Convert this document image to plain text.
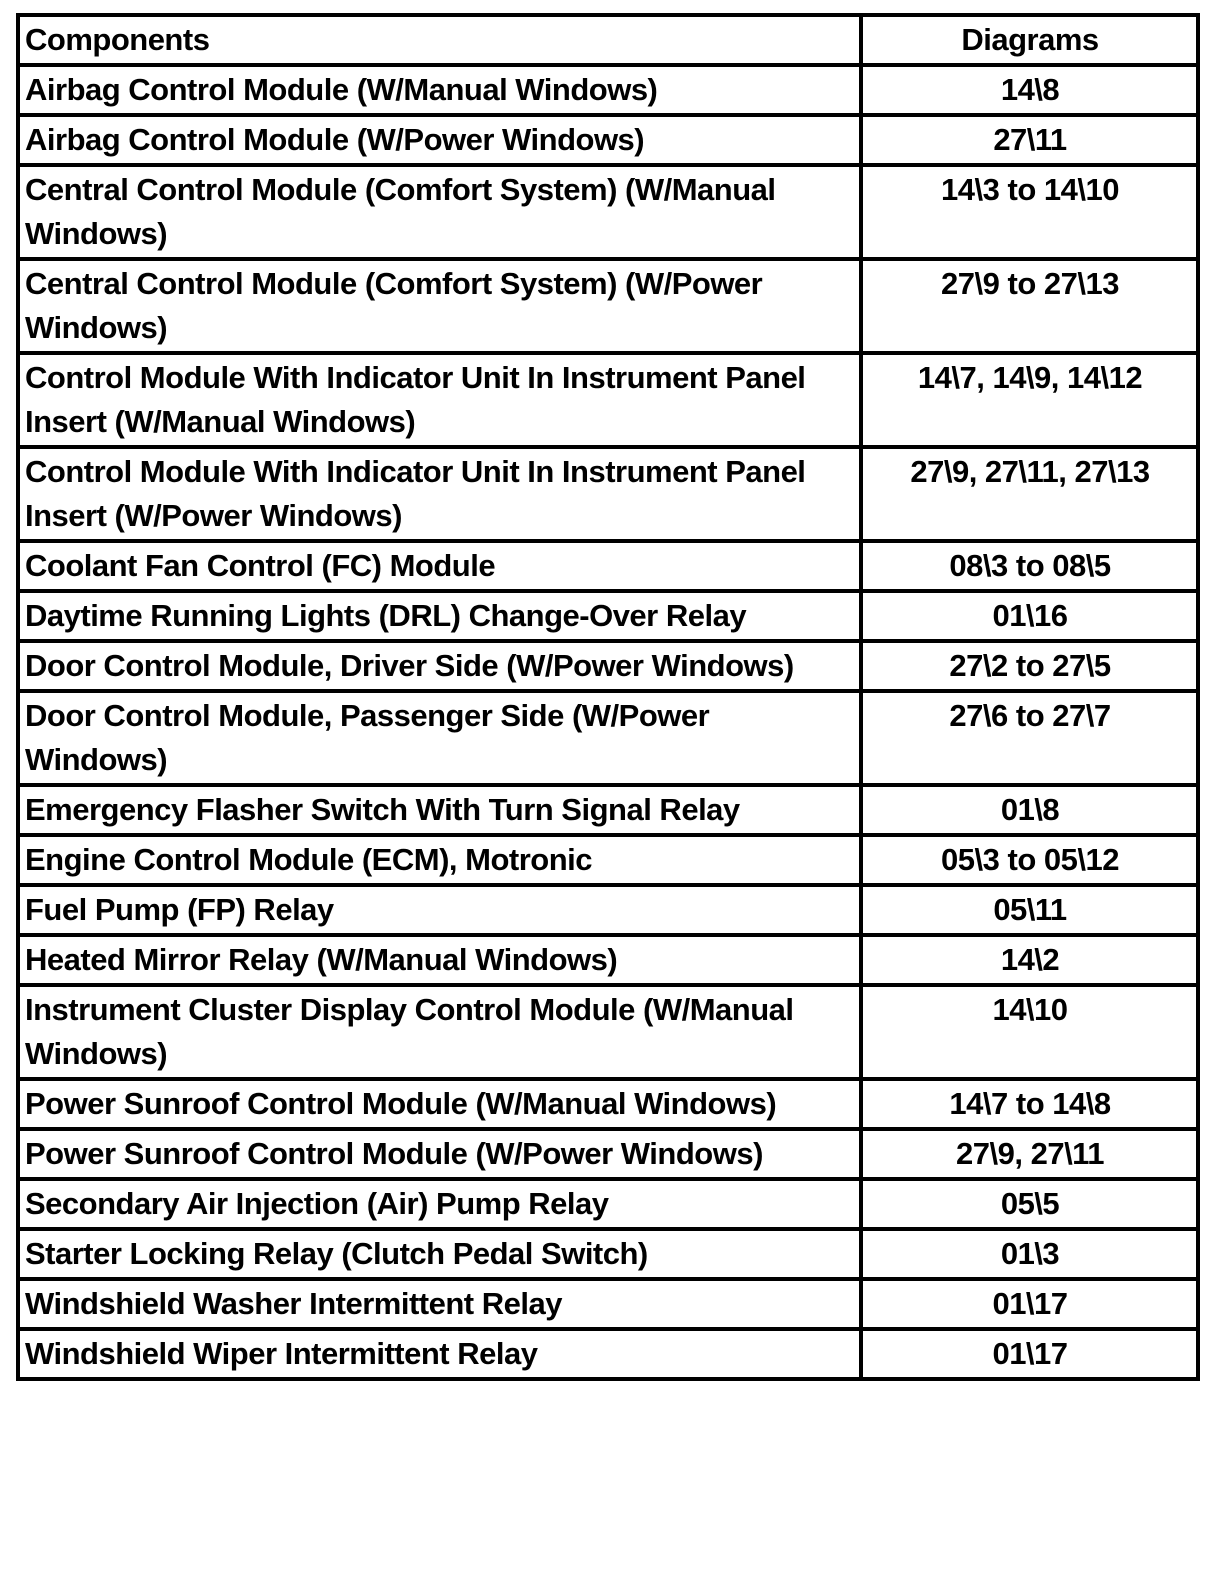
Components	Diagrams
Airbag Control Module (W/Manual Windows)	14\8
Airbag Control Module (W/Power Windows)	27\11
Central Control Module (Comfort System) (W/Manual Windows)	14\3 to 14\10
Central Control Module (Comfort System) (W/Power Windows)	27\9 to 27\13
Control Module With Indicator Unit In Instrument Panel Insert (W/Manual Windows)	14\7, 14\9, 14\12
Control Module With Indicator Unit In Instrument Panel Insert (W/Power Windows)	27\9, 27\11, 27\13
Coolant Fan Control (FC) Module	08\3 to 08\5
Daytime Running Lights (DRL) Change-Over Relay	01\16
Door Control Module, Driver Side (W/Power Windows)	27\2 to 27\5
Door Control Module, Passenger Side (W/Power Windows)	27\6 to 27\7
Emergency Flasher Switch With Turn Signal Relay	01\8
Engine Control Module (ECM), Motronic	05\3 to 05\12
Fuel Pump (FP) Relay	05\11
Heated Mirror Relay (W/Manual Windows)	14\2
Instrument Cluster Display Control Module (W/Manual Windows)	14\10
Power Sunroof Control Module (W/Manual Windows)	14\7 to 14\8
Power Sunroof Control Module (W/Power Windows)	27\9, 27\11
Secondary Air Injection (Air) Pump Relay	05\5
Starter Locking Relay (Clutch Pedal Switch)	01\3
Windshield Washer Intermittent Relay	01\17
Windshield Wiper Intermittent Relay	01\17
